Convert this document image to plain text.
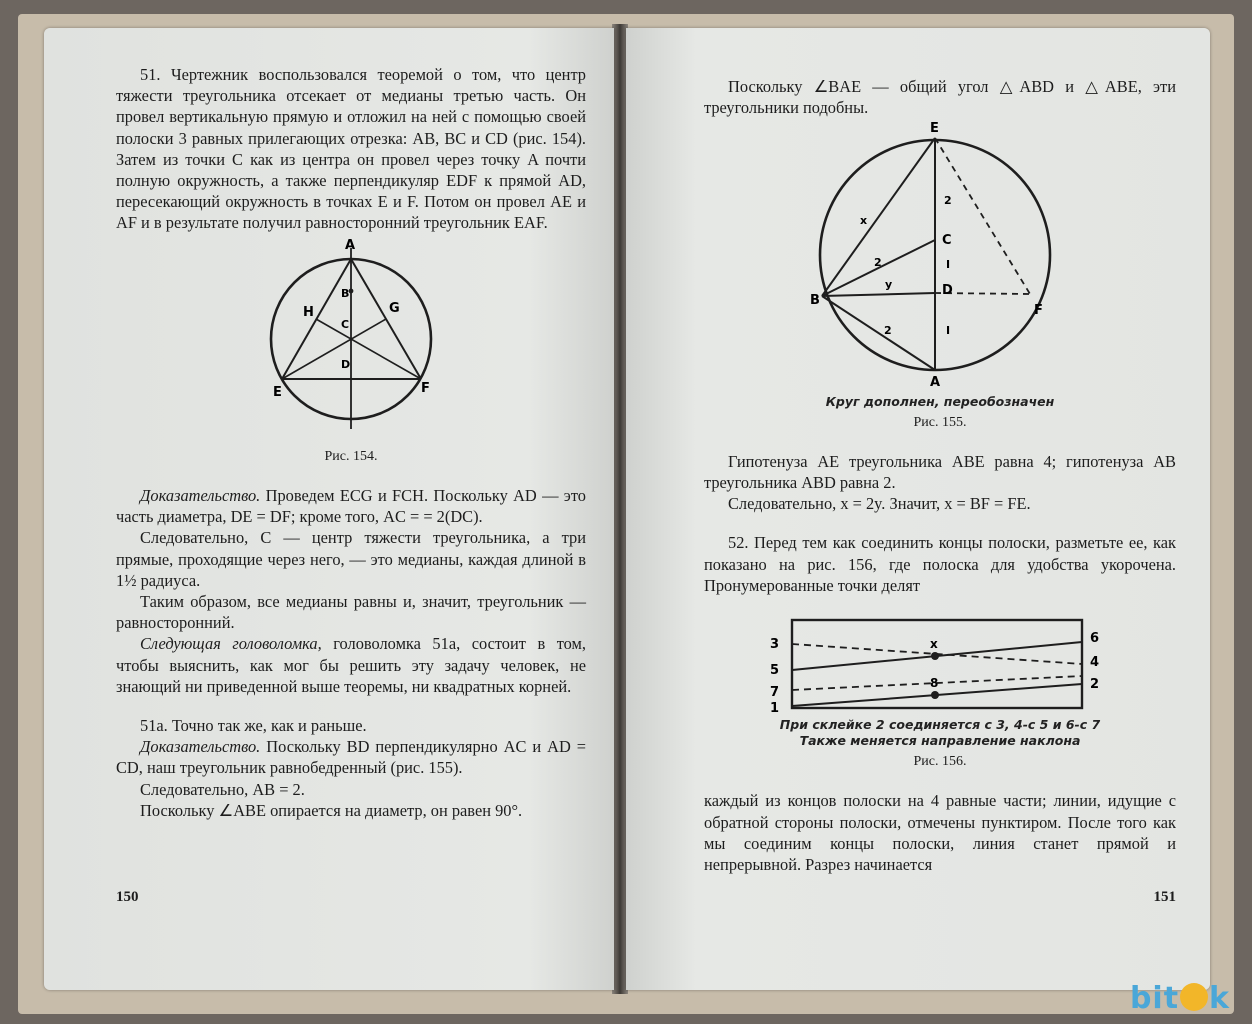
51. Чертежник воспользовался теоремой о том, что центр тяжести треугольника отсекает от медианы третью часть. Он провел вертикальную прямую и отложил на ней с помощью своей полоски 3 равных прилегающих отрезка: AB, BC и CD (рис. 154). Затем из точки C как из центра он провел через точку A почти полную окружность, а также перпендикуляр EDF к прямой AD, пересекающий окружность в точках E и F. Потом он провел AE и AF и в результате получил равносторонний треугольник EAF.

A
B
C
D
E	F
G
H
Рис. 154.

Доказательство. Проведем ECG и FCH. Поскольку AD — это часть диаметра, DE = DF; кроме того, AC = = 2(DC).

Следовательно, C — центр тяжести треугольника, а три прямые, проходящие через него, — это медианы, каждая длиной в 1½ радиуса.

Таким образом, все медианы равны и, значит, треугольник — равносторонний.

Следующая головоломка, головоломка 51а, состоит в том, чтобы выяснить, как мог бы решить эту задачу человек, не знающий ни приведенной выше теоремы, ни квадратных корней.

51а. Точно так же, как и раньше.

Доказательство. Поскольку BD перпендикулярно AC и AD = CD, наш треугольник равнобедренный (рис. 155).

Следовательно, AB = 2.

Поскольку ∠ABE опирается на диаметр, он равен 90°.

150

Поскольку ∠BAE — общий угол △ABD и △ABE, эти треугольники подобны.

E
C
D
B
F
A
x
2
y
2
2
I
I
Круг дополнен, переобозначен
Рис. 155.

Гипотенуза AE треугольника ABE равна 4; гипотенуза AB треугольника ABD равна 2.

Следовательно, x = 2y. Значит, x = BF = FE.

52. Перед тем как соединить концы полоски, разметьте ее, как показано на рис. 156, где полоска для удобства укорочена. Пронумерованные точки делят

3
5
7
1
6
4
2
x
8
При склейке 2 соединяется с 3, 4-с 5 и 6-с 7
Также меняется направление наклона
Рис. 156.

каждый из концов полоски на 4 равные части; линии, идущие с обратной стороны полоски, отмечены пунктиром. После того как мы соединим концы полоски, линия станет прямой и непрерывной. Разрез начинается

151
bit k
